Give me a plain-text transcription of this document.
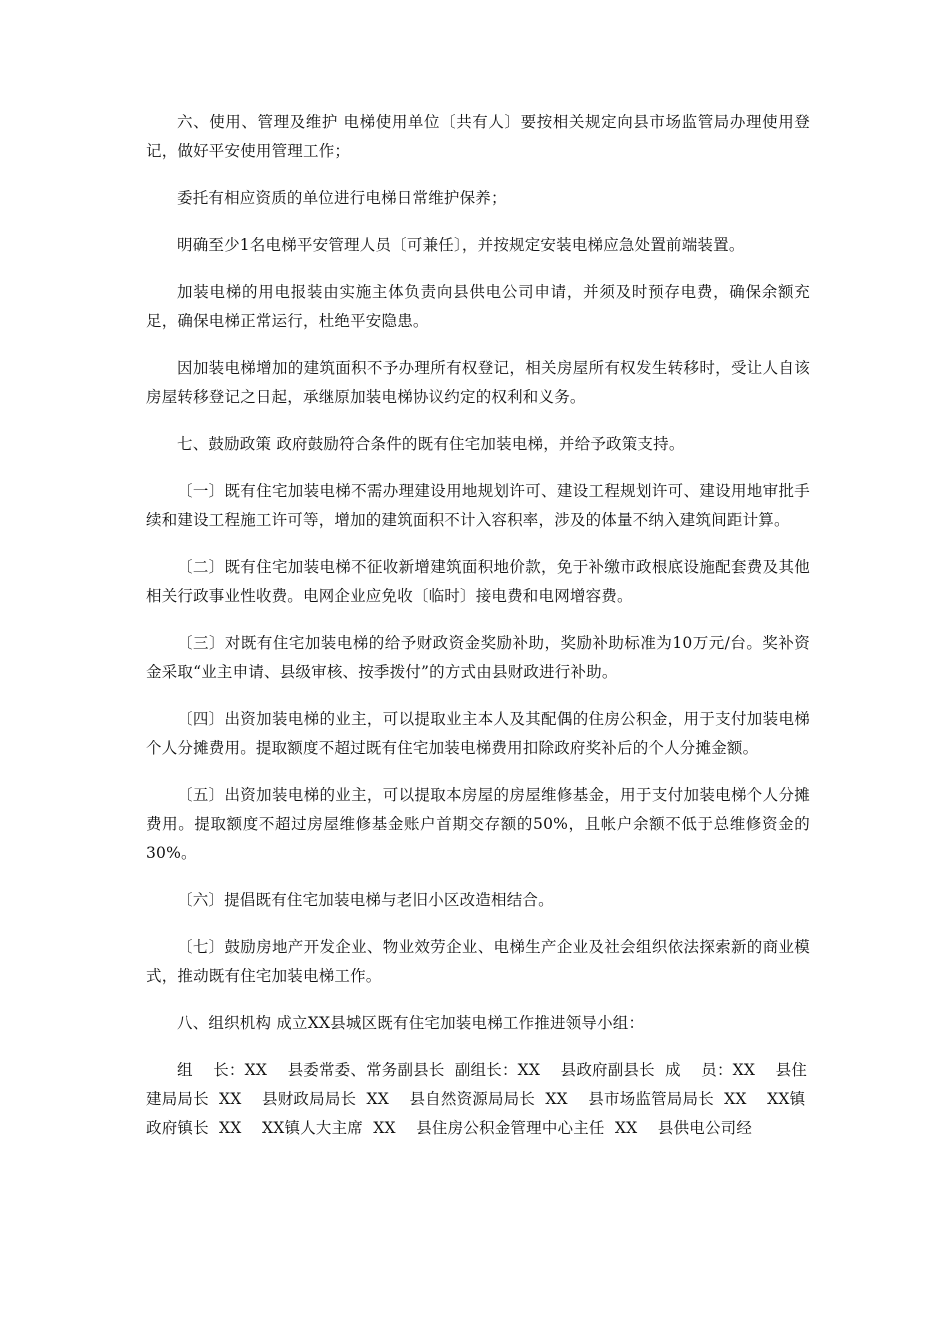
六、使用、管理及维护 电梯使用单位〔共有人〕要按相关规定向县市场监管局办理使用登记，做好平安使用管理工作；

委托有相应资质的单位进行电梯日常维护保养；

明确至少1名电梯平安管理人员〔可兼任〕，并按规定安装电梯应急处置前端装置。

加装电梯的用电报装由实施主体负责向县供电公司申请，并须及时预存电费，确保余额充足，确保电梯正常运行，杜绝平安隐患。

因加装电梯增加的建筑面积不予办理所有权登记，相关房屋所有权发生转移时，受让人自该房屋转移登记之日起，承继原加装电梯协议约定的权利和义务。

七、鼓励政策 政府鼓励符合条件的既有住宅加装电梯，并给予政策支持。

〔一〕既有住宅加装电梯不需办理建设用地规划许可、建设工程规划许可、建设用地审批手续和建设工程施工许可等，增加的建筑面积不计入容积率，涉及的体量不纳入建筑间距计算。

〔二〕既有住宅加装电梯不征收新增建筑面积地价款，免于补缴市政根底设施配套费及其他相关行政事业性收费。电网企业应免收〔临时〕接电费和电网增容费。

〔三〕对既有住宅加装电梯的给予财政资金奖励补助，奖励补助标准为10万元/台。奖补资金采取“业主申请、县级审核、按季拨付”的方式由县财政进行补助。

〔四〕出资加装电梯的业主，可以提取业主本人及其配偶的住房公积金，用于支付加装电梯个人分摊费用。提取额度不超过既有住宅加装电梯费用扣除政府奖补后的个人分摊金额。

〔五〕出资加装电梯的业主，可以提取本房屋的房屋维修基金，用于支付加装电梯个人分摊费用。提取额度不超过房屋维修基金账户首期交存额的50%，且帐户余额不低于总维修资金的30%。

〔六〕提倡既有住宅加装电梯与老旧小区改造相结合。

〔七〕鼓励房地产开发企业、物业效劳企业、电梯生产企业及社会组织依法探索新的商业模式，推动既有住宅加装电梯工作。

八、组织机构 成立XX县城区既有住宅加装电梯工作推进领导小组：

组    长：XX    县委常委、常务副县长  副组长：XX    县政府副县长  成    员：XX    县住建局局长  XX    县财政局局长  XX    县自然资源局局长  XX    县市场监管局局长  XX    XX镇政府镇长  XX    XX镇人大主席  XX    县住房公积金管理中心主任  XX    县供电公司经
